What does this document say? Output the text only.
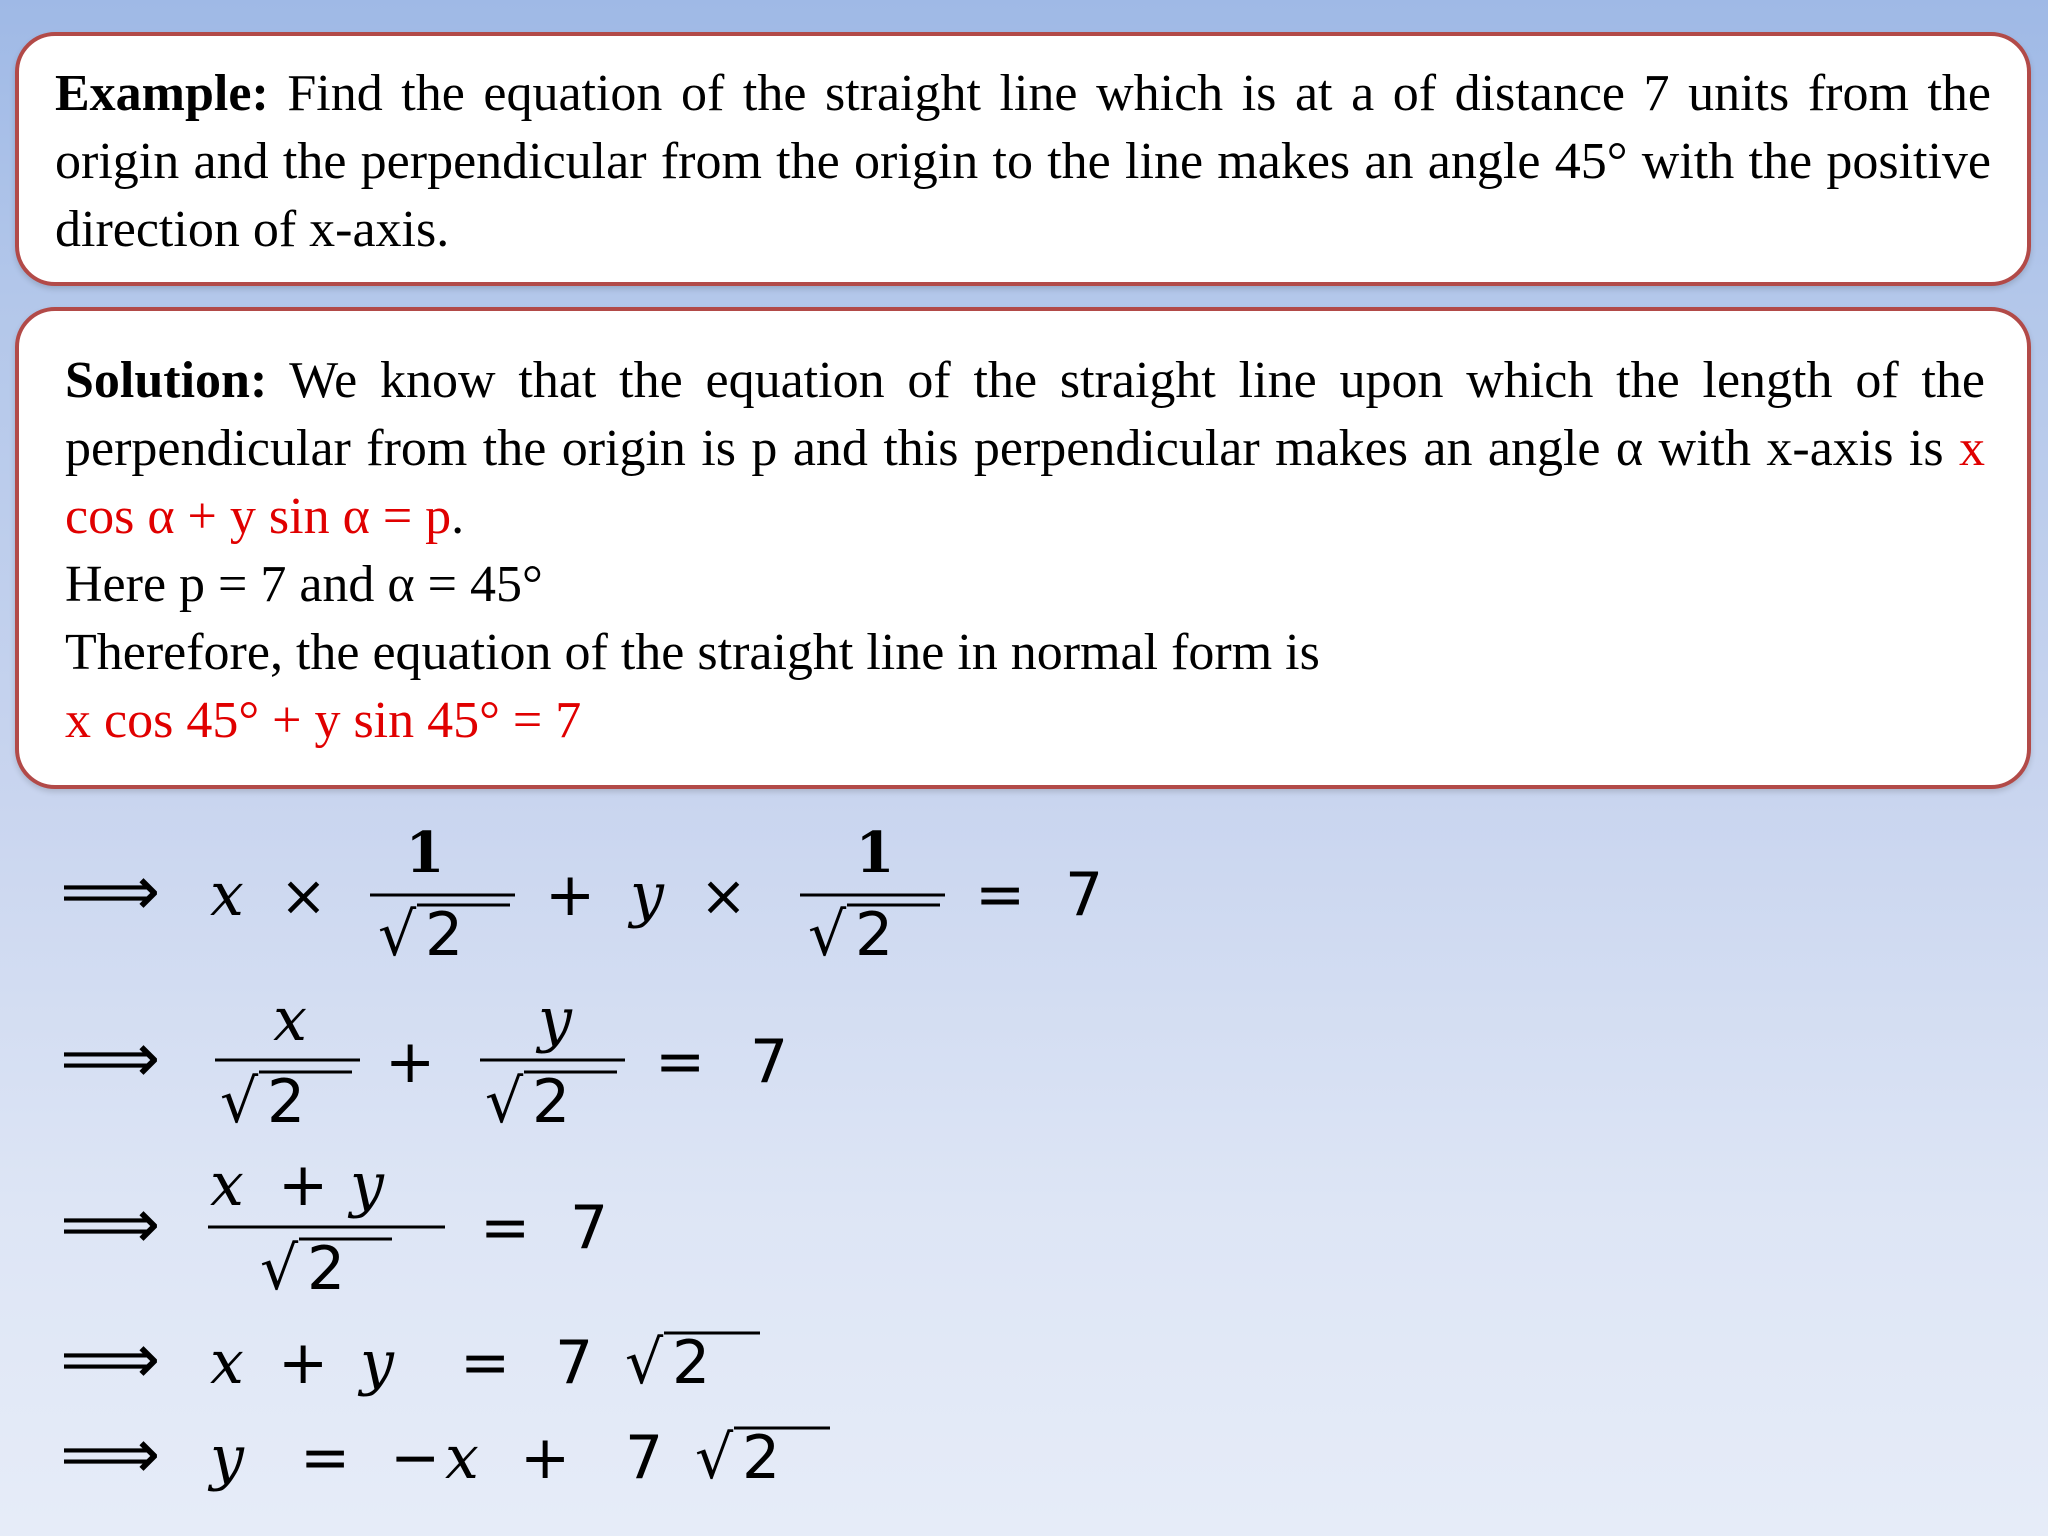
Example: Find the equation of the straight line which is at a of distance 7 units from the origin and the perpendicular from the origin to the line makes an angle 45° with the positive direction of x-axis.

Solution: We know that the equation of the straight line upon which the length of the perpendicular from the origin is p and this perpendicular makes an angle α with x-axis is x cos α + y sin α = p.

Here p = 7 and α = 45°

Therefore, the equation of the straight line in normal form is

x cos 45° + y sin 45° = 7

⟹ x ×
1
√ 2
+ y ×
1
√ 2
= 7
⟹ x
√ 2
+
y
√ 2
= 7
⟹ x + y
√ 2
= 7
⟹ x + y = 7 √ 2
⟹ y = − x + 7 √ 2
